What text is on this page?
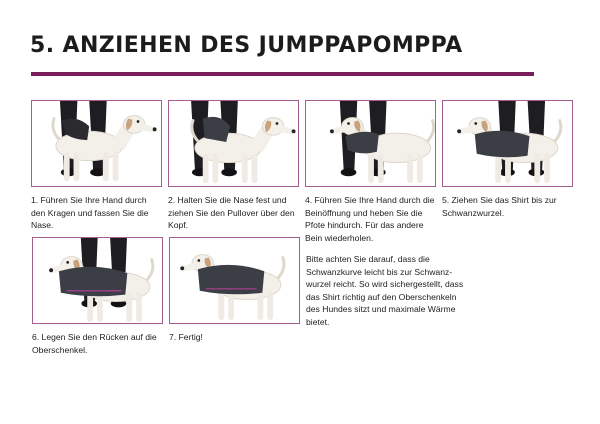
5. ANZIEHEN DES JUMPPAPOMPPA
1. Führen Sie Ihre Hand durch den Kragen und fassen Sie die Nase.
2. Halten Sie die Nase fest und ziehen Sie den Pullover über den Kopf.
4. Führen Sie Ihre Hand durch die Beinöffnung und heben Sie die Pfote hindurch. Für das andere Bein wiederholen.
5. Ziehen Sie das Shirt bis zur Schwanzwurzel.
6. Legen Sie den Rücken auf die Oberschenkel.
7. Fertig!
Bitte achten Sie darauf, dass die Schwanzkurve leicht bis zur Schwanz-wurzel reicht. So wird sichergestellt, dass das Shirt richtig auf den Oberschenkeln des Hundes sitzt und maximale Wärme bietet.
